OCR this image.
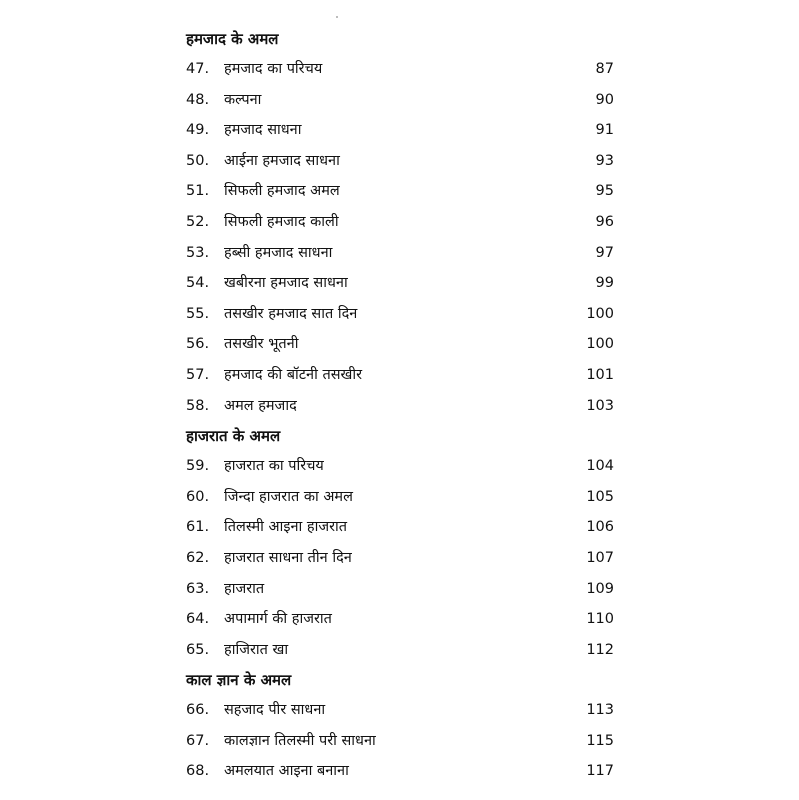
हमजाद के अमल
47. हमजाद का परिचय	87
48. कल्पना	90
49. हमजाद साधना	91
50. आईना हमजाद साधना	93
51. सिफली हमजाद अमल	95
52. सिफली हमजाद काली	96
53. हब्सी हमजाद साधना	97
54. खबीरना हमजाद साधना	99
55. तसखीर हमजाद सात दिन	100
56. तसखीर भूतनी	100
57. हमजाद की बॉटनी तसखीर	101
58. अमल हमजाद	103
हाजरात के अमल
59. हाजरात का परिचय	104
60. जिन्दा हाजरात का अमल	105
61. तिलस्मी आइना हाजरात	106
62. हाजरात साधना तीन दिन	107
63. हाजरात	109
64. अपामार्ग की हाजरात	110
65. हाजिरात खा	112
काल ज्ञान के अमल
66. सहजाद पीर साधना	113
67. कालज्ञान तिलस्मी परी साधना	115
68. अमलयात आइना बनाना	117
